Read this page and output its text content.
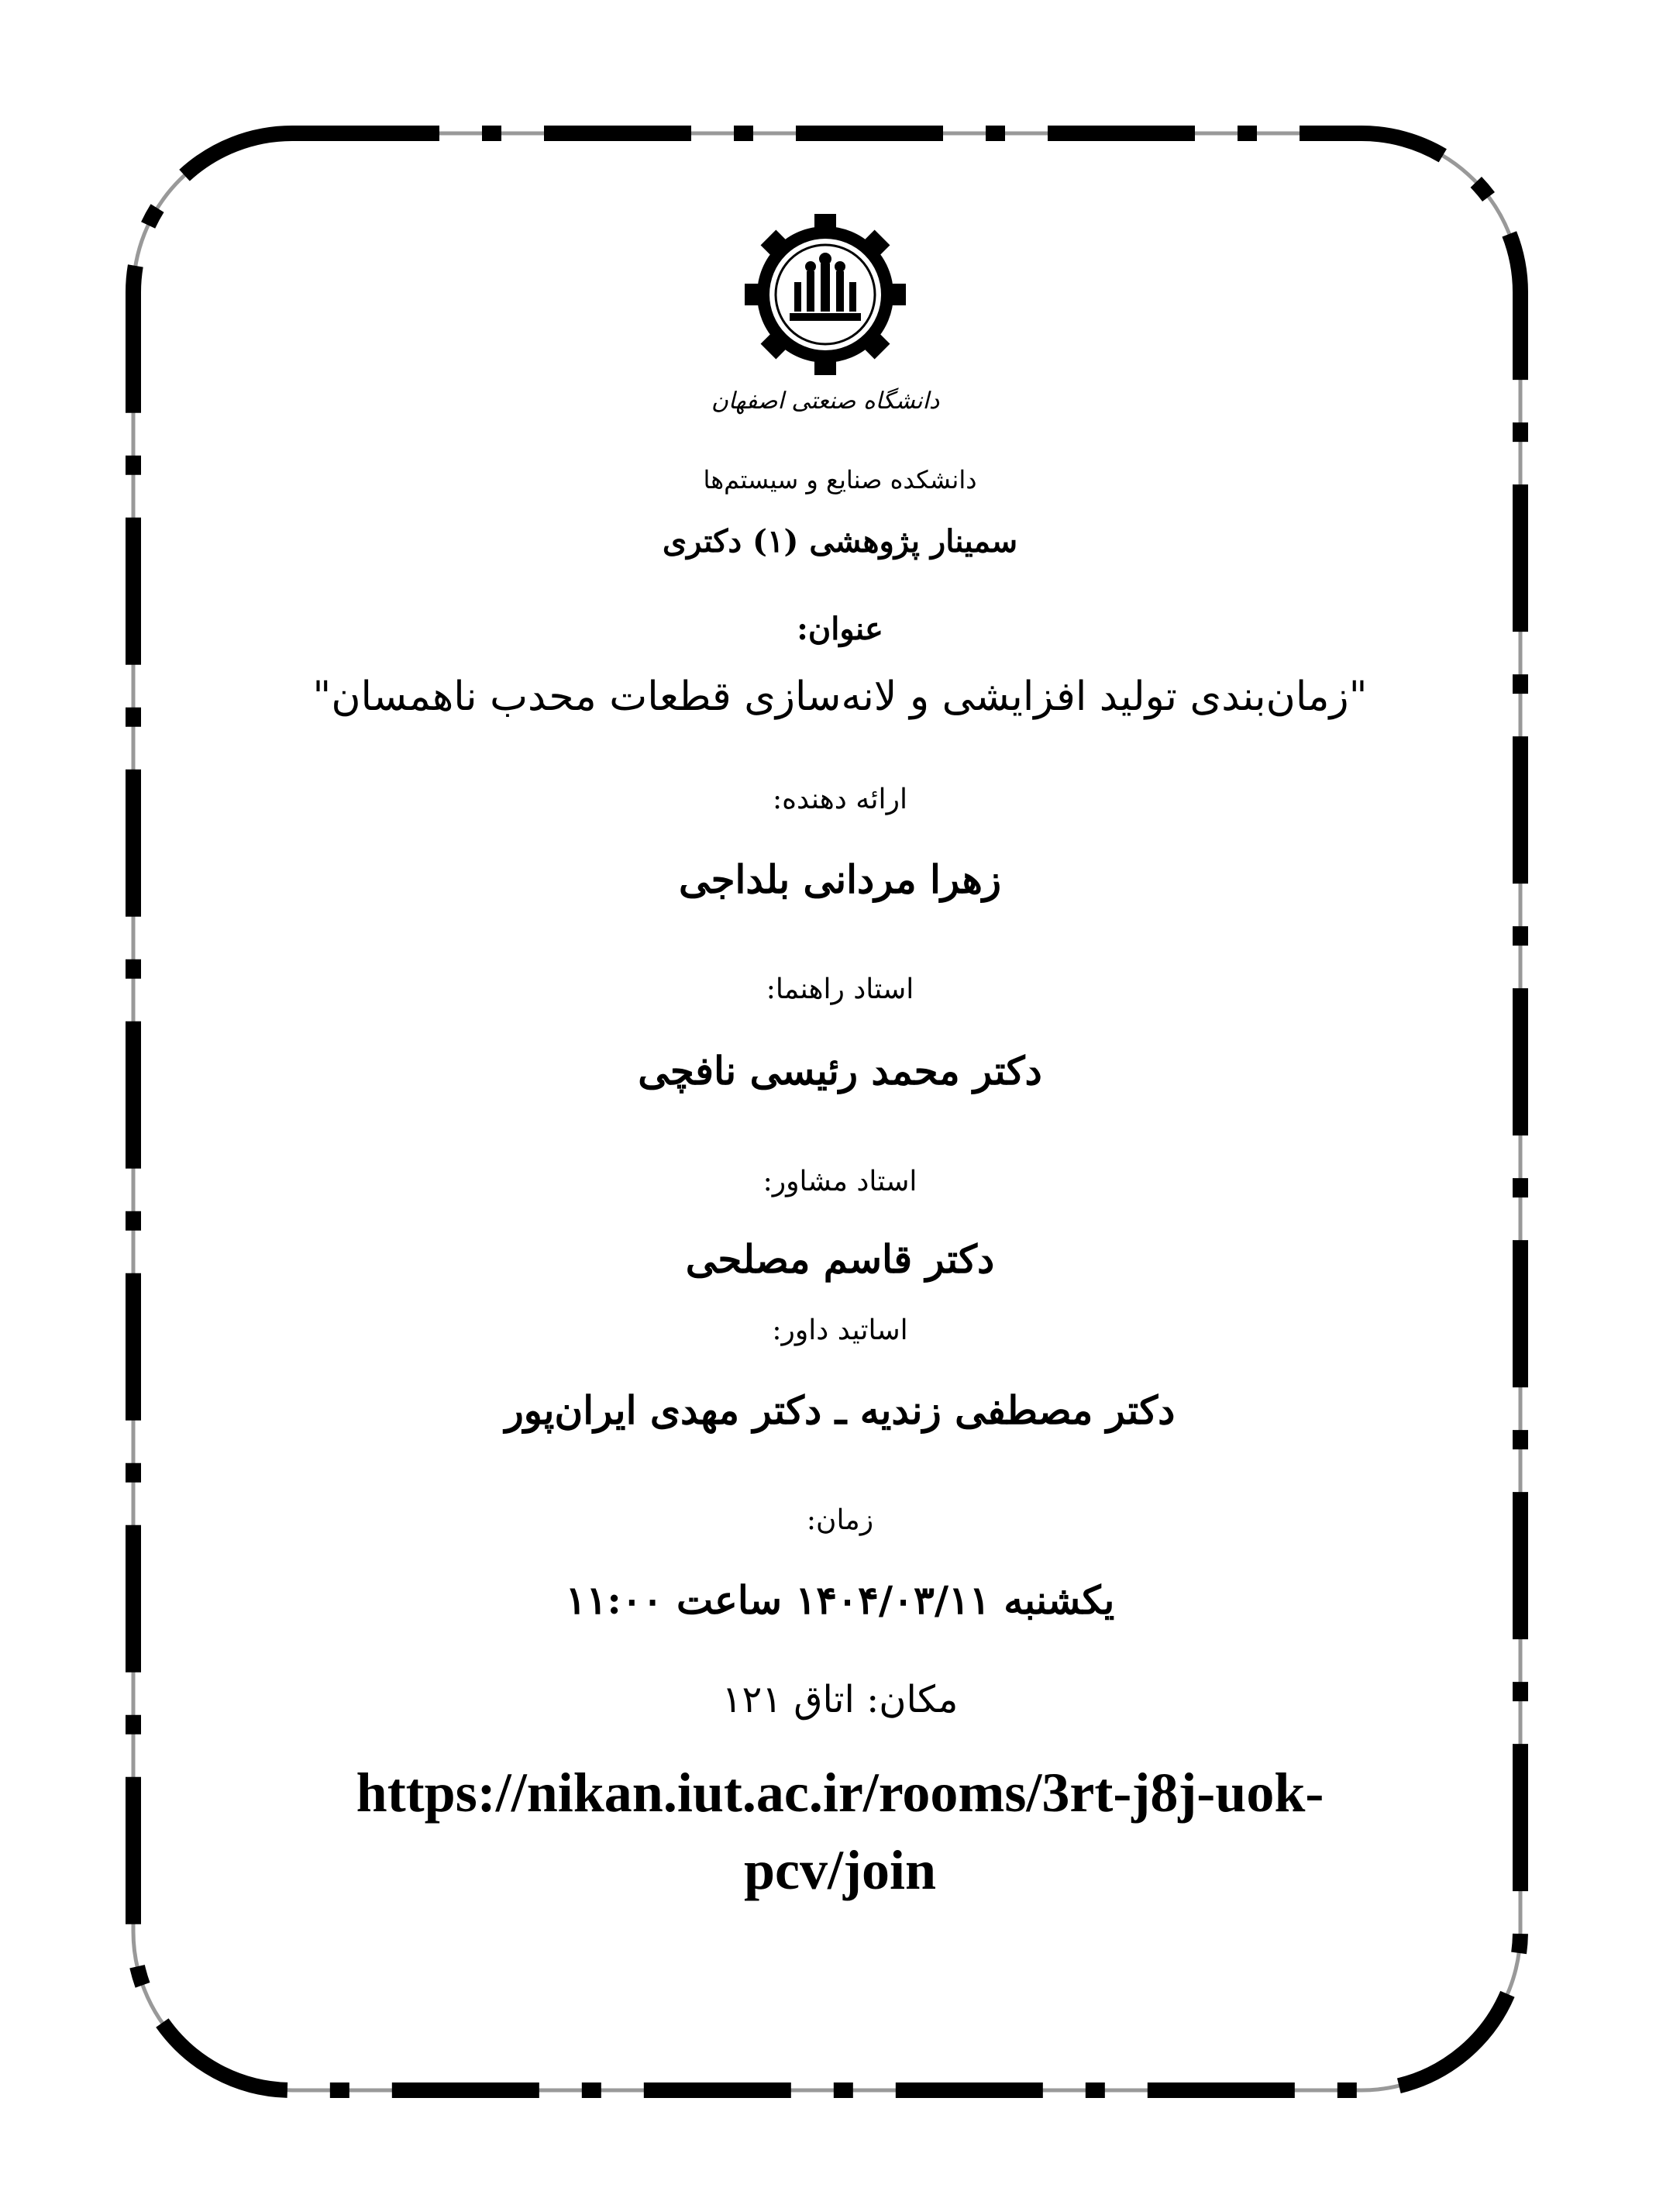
دانشگاه صنعتی اصفهان
دانشکده صنایع و سیستم‌ها
سمینار پژوهشی (۱) دکتری
عنوان:
"زمان‌بندی تولید افزایشی و لانه‌سازی قطعات محدب ناهمسان"
ارائه دهنده:
زهرا مردانی بلداجی
استاد راهنما:
دکتر محمد رئیسی نافچی
استاد مشاور:
دکتر قاسم مصلحی
اساتید داور:
دکتر مصطفی زندیه ـ دکتر مهدی ایران‌پور
زمان:
یکشنبه ۱۴۰۴/۰۳/۱۱ ساعت ۱۱:۰۰
مکان: اتاق ۱۲۱
https://nikan.iut.ac.ir/rooms/3rt-j8j-uok-
pcv/join
